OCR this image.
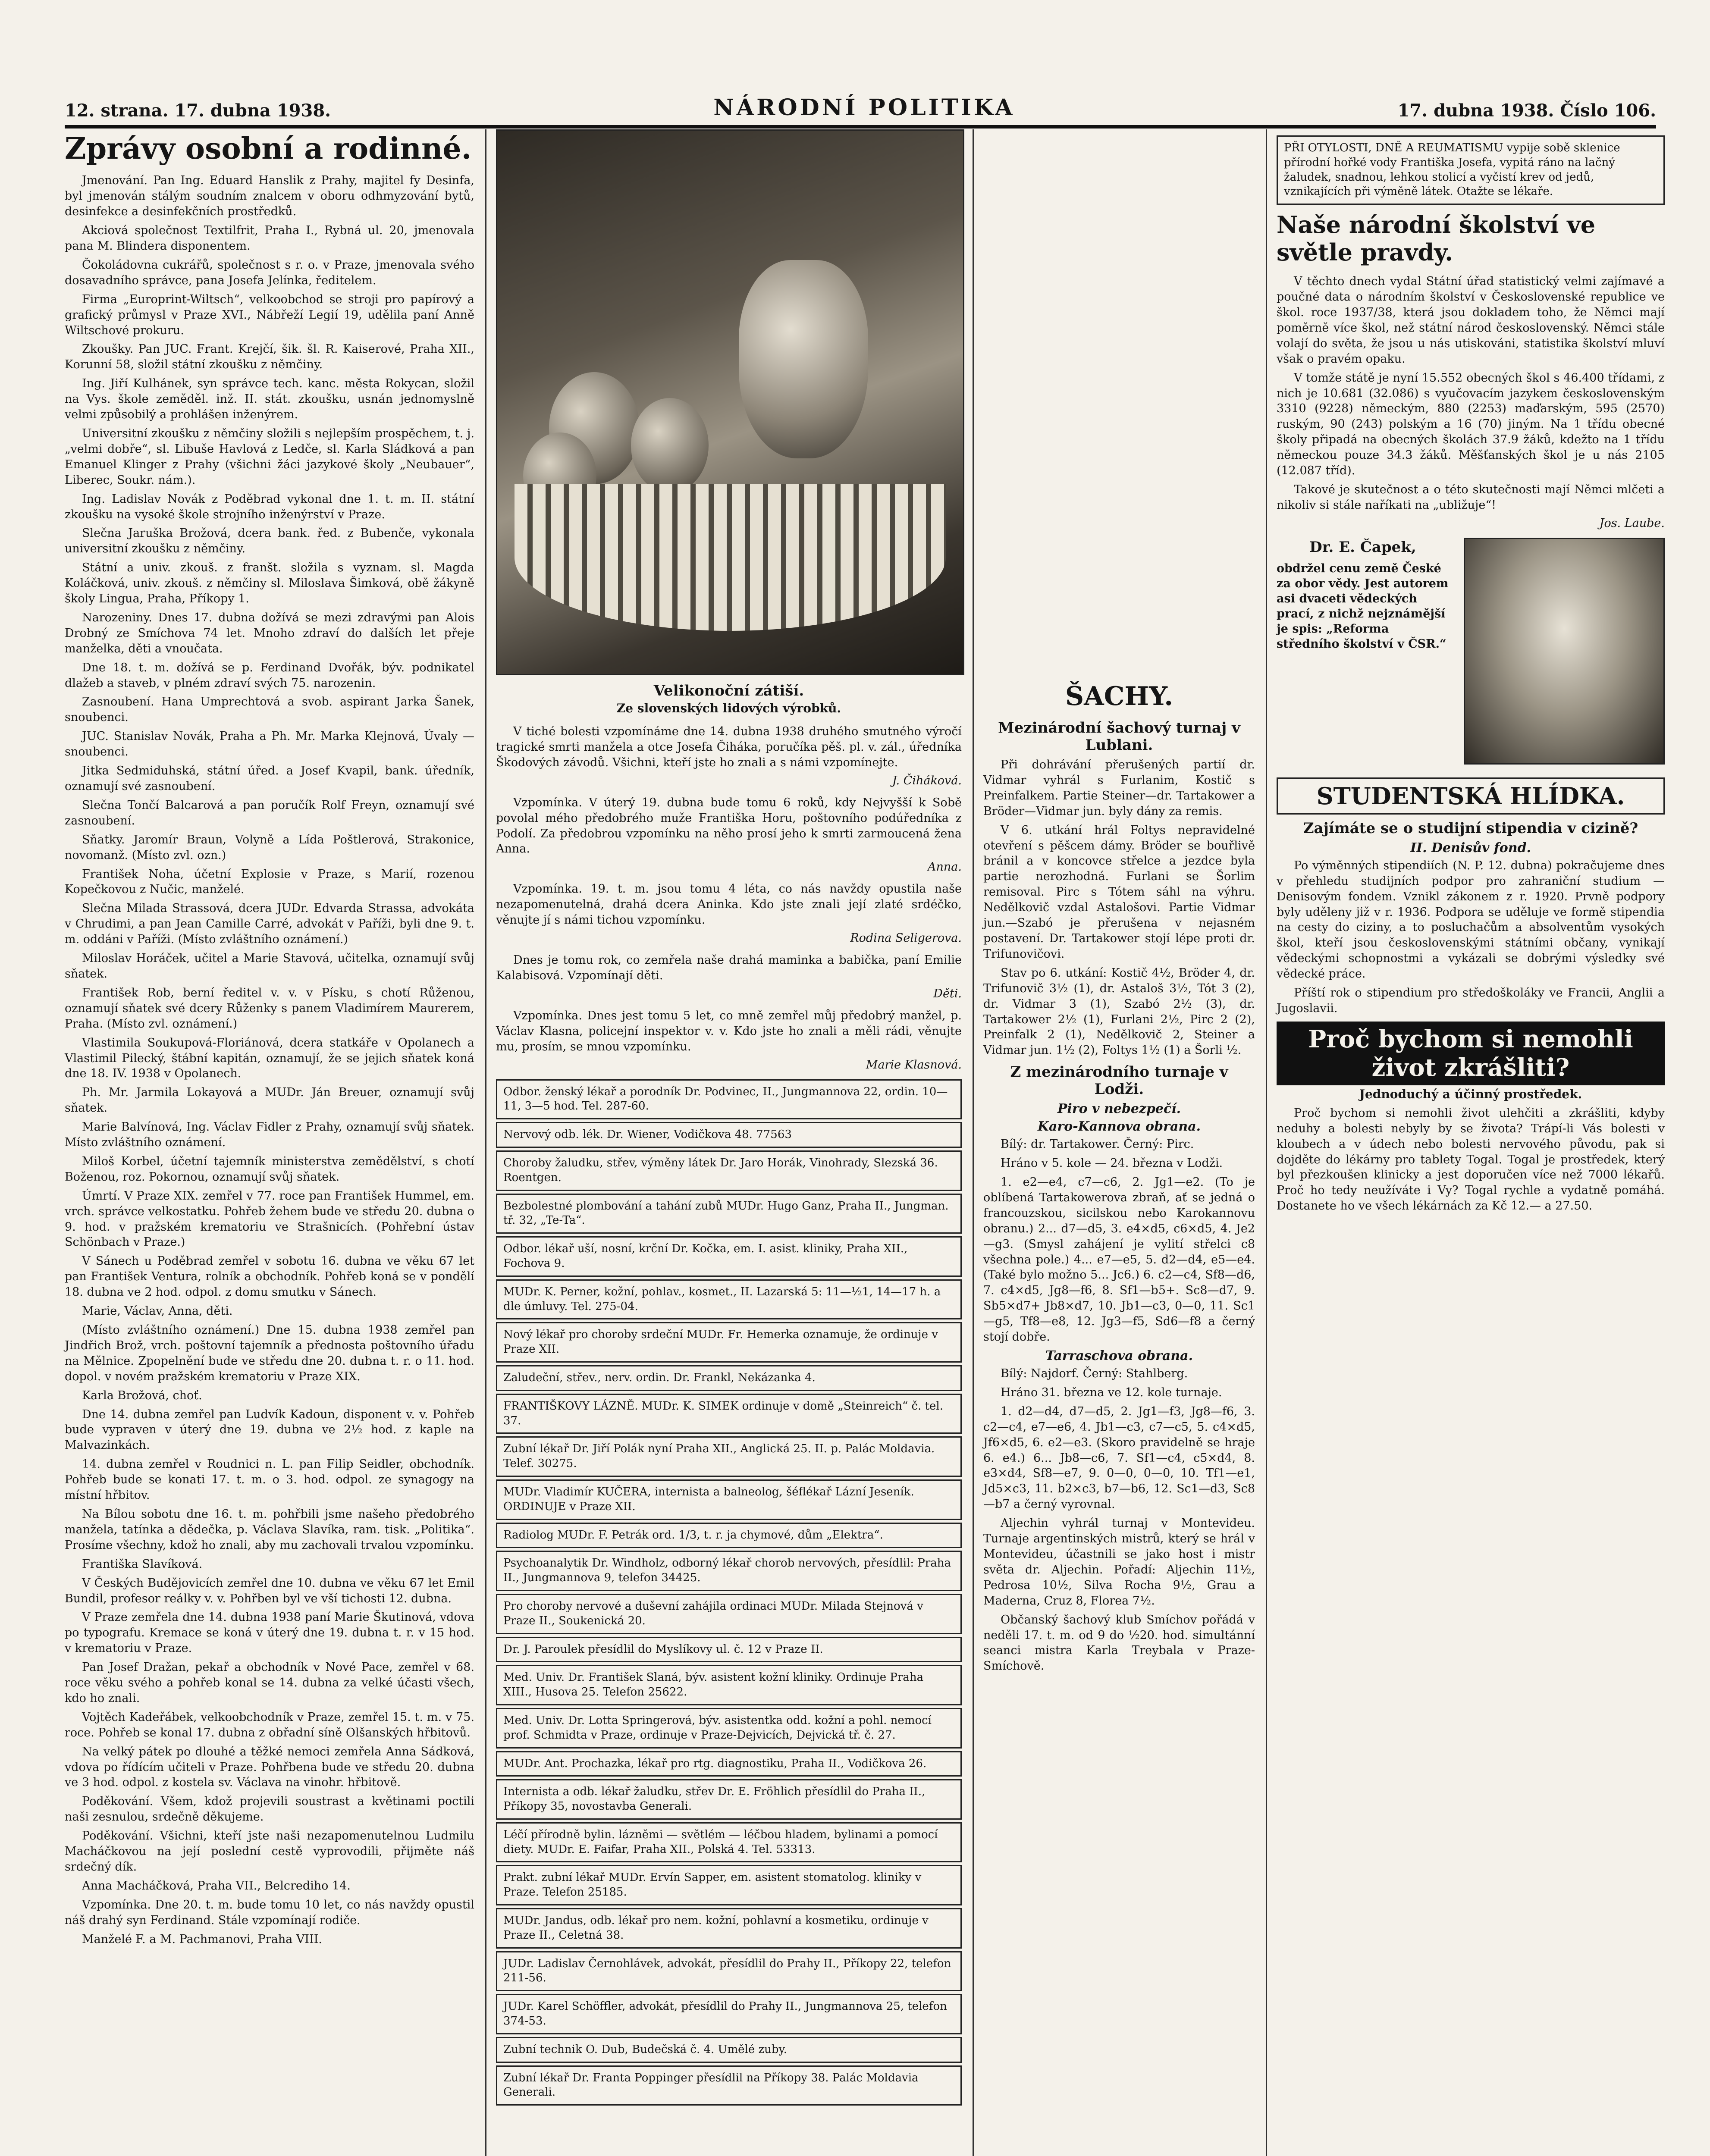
12. strana. 17. dubna 1938.	NÁRODNÍ POLITIKA	17. dubna 1938. Číslo 106.
Zprávy osobní a rodinné.

Jmenování. Pan Ing. Eduard Hanslik z Prahy, majitel fy Desinfa, byl jmenován stálým soudním znalcem v oboru odhmyzování bytů, desinfekce a desinfekčních prostředků.

Akciová společnost Textilfrit, Praha I., Rybná ul. 20, jmenovala pana M. Blindera disponentem.

Čokoládovna cukrářů, společnost s r. o. v Praze, jmenovala svého dosavadního správce, pana Josefa Jelínka, ředitelem.

Firma „Europrint-Wiltsch“, velkoobchod se stroji pro papírový a grafický průmysl v Praze XVI., Nábřeží Legií 19, udělila paní Anně Wiltschové prokuru.

Zkoušky. Pan JUC. Frant. Krejčí, šik. šl. R. Kaiserové, Praha XII., Korunní 58, složil státní zkoušku z němčiny.

Ing. Jiří Kulhánek, syn správce tech. kanc. města Rokycan, složil na Vys. škole zeměděl. inž. II. stát. zkoušku, usnán jednomyslně velmi způsobilý a prohlášen inženýrem.

Universitní zkoušku z němčiny složili s nejlepším prospěchem, t. j. „velmi dobře“, sl. Libuše Havlová z Ledče, sl. Karla Sládková a pan Emanuel Klinger z Prahy (všichni žáci jazykové školy „Neubauer“, Liberec, Soukr. nám.).

Ing. Ladislav Novák z Poděbrad vykonal dne 1. t. m. II. státní zkoušku na vysoké škole strojního inženýrství v Praze.

Slečna Jaruška Brožová, dcera bank. řed. z Bubenče, vykonala universitní zkoušku z němčiny.

Státní a univ. zkouš. z franšt. složila s vyznam. sl. Magda Koláčková, univ. zkouš. z němčiny sl. Miloslava Šimková, obě žákyně školy Lingua, Praha, Příkopy 1.

Narozeniny. Dnes 17. dubna dožívá se mezi zdravými pan Alois Drobný ze Smíchova 74 let. Mnoho zdraví do dalších let přeje manželka, děti a vnoučata.

Dne 18. t. m. dožívá se p. Ferdinand Dvořák, býv. podnikatel dlažeb a staveb, v plném zdraví svých 75. narozenin.

Zasnoubení. Hana Umprechtová a svob. aspirant Jarka Šanek, snoubenci.

JUC. Stanislav Novák, Praha a Ph. Mr. Marka Klejnová, Úvaly — snoubenci.

Jitka Sedmiduhská, státní úřed. a Josef Kvapil, bank. úředník, oznamují své zasnoubení.

Slečna Tončí Balcarová a pan poručík Rolf Freyn, oznamují své zasnoubení.

Sňatky. Jaromír Braun, Volyně a Lída Poštlerová, Strakonice, novomanž. (Místo zvl. ozn.)

František Noha, účetní Explosie v Praze, s Marií, rozenou Kopečkovou z Nučic, manželé.

Slečna Milada Strassová, dcera JUDr. Edvarda Strassa, advokáta v Chrudimi, a pan Jean Camille Carré, advokát v Paříži, byli dne 9. t. m. oddáni v Paříži. (Místo zvláštního oznámení.)

Miloslav Horáček, učitel a Marie Stavová, učitelka, oznamují svůj sňatek.

František Rob, berní ředitel v. v. v Písku, s chotí Růženou, oznamují sňatek své dcery Růženky s panem Vladimírem Maurerem, Praha. (Místo zvl. oznámení.)

Vlastimila Soukupová-Floriánová, dcera statkáře v Opolanech a Vlastimil Pilecký, štábní kapitán, oznamují, že se jejich sňatek koná dne 18. IV. 1938 v Opolanech.

Ph. Mr. Jarmila Lokayová a MUDr. Ján Breuer, oznamují svůj sňatek.

Marie Balvínová, Ing. Václav Fidler z Prahy, oznamují svůj sňatek. Místo zvláštního oznámení.

Miloš Korbel, účetní tajemník ministerstva zemědělství, s chotí Boženou, roz. Pokornou, oznamují svůj sňatek.

Úmrtí. V Praze XIX. zemřel v 77. roce pan František Hummel, em. vrch. správce velkostatku. Pohřeb žehem bude ve středu 20. dubna o 9. hod. v pražském krematoriu ve Strašnicích. (Pohřební ústav Schönbach v Praze.)

V Sánech u Poděbrad zemřel v sobotu 16. dubna ve věku 67 let pan František Ventura, rolník a obchodník. Pohřeb koná se v pondělí 18. dubna ve 2 hod. odpol. z domu smutku v Sánech.

Marie, Václav, Anna, děti.

(Místo zvláštního oznámení.) Dne 15. dubna 1938 zemřel pan Jindřich Brož, vrch. poštovní tajemník a přednosta poštovního úřadu na Mělnice. Zpopelnění bude ve středu dne 20. dubna t. r. o 11. hod. dopol. v novém pražském krematoriu v Praze XIX.

Karla Brožová, choť.

Dne 14. dubna zemřel pan Ludvík Kadoun, disponent v. v. Pohřeb bude vypraven v úterý dne 19. dubna ve 2½ hod. z kaple na Malvazinkách.

14. dubna zemřel v Roudnici n. L. pan Filip Seidler, obchodník. Pohřeb bude se konati 17. t. m. o 3. hod. odpol. ze synagogy na místní hřbitov.

Na Bílou sobotu dne 16. t. m. pohřbili jsme našeho předobrého manžela, tatínka a dědečka, p. Václava Slavíka, ram. tisk. „Politika“. Prosíme všechny, kdož ho znali, aby mu zachovali trvalou vzpomínku.

Františka Slavíková.

V Českých Budějovicích zemřel dne 10. dubna ve věku 67 let Emil Bundil, profesor reálky v. v. Pohřben byl ve vší tichosti 12. dubna.

V Praze zemřela dne 14. dubna 1938 paní Marie Škutinová, vdova po typografu. Kremace se koná v úterý dne 19. dubna t. r. v 15 hod. v krematoriu v Praze.

Pan Josef Dražan, pekař a obchodník v Nové Pace, zemřel v 68. roce věku svého a pohřeb konal se 14. dubna za velké účasti všech, kdo ho znali.

Vojtěch Kadeřábek, velkoobchodník v Praze, zemřel 15. t. m. v 75. roce. Pohřeb se konal 17. dubna z obřadní síně Olšanských hřbitovů.

Na velký pátek po dlouhé a těžké nemoci zemřela Anna Sádková, vdova po řídícím učiteli v Praze. Pohřbena bude ve středu 20. dubna ve 3 hod. odpol. z kostela sv. Václava na vinohr. hřbitově.

Poděkování. Všem, kdož projevili soustrast a květinami poctili naši zesnulou, srdečně děkujeme.

Poděkování. Všichni, kteří jste naši nezapomenutelnou Ludmilu Macháčkovou na její poslední cestě vyprovodili, přijměte náš srdečný dík.

Anna Macháčková, Praha VII., Belcrediho 14.

Vzpomínka. Dne 20. t. m. bude tomu 10 let, co nás navždy opustil náš drahý syn Ferdinand. Stále vzpomínají rodiče.

Manželé F. a M. Pachmanovi, Praha VIII.

Velikonoční zátiší.
Ze slovenských lidových výrobků.

V tiché bolesti vzpomínáme dne 14. dubna 1938 druhého smutného výročí tragické smrti manžela a otce Josefa Čiháka, poručíka pěš. pl. v. zál., úředníka Škodových závodů. Všichni, kteří jste ho znali a s námi vzpomínejte.

J. Čiháková.

Vzpomínka. V úterý 19. dubna bude tomu 6 roků, kdy Nejvyšší k Sobě povolal mého předobrého muže Františka Horu, poštovního podúředníka z Podolí. Za předobrou vzpomínku na něho prosí jeho k smrti zarmoucená žena Anna.

Anna.

Vzpomínka. 19. t. m. jsou tomu 4 léta, co nás navždy opustila naše nezapomenutelná, drahá dcera Aninka. Kdo jste znali její zlaté srdéčko, věnujte jí s námi tichou vzpomínku.

Rodina Seligerova.

Dnes je tomu rok, co zemřela naše drahá maminka a babička, paní Emilie Kalabisová. Vzpomínají děti.

Děti.

Vzpomínka. Dnes jest tomu 5 let, co mně zemřel můj předobrý manžel, p. Václav Klasna, policejní inspektor v. v. Kdo jste ho znali a měli rádi, věnujte mu, prosím, se mnou vzpomínku.

Marie Klasnová.

Odbor. ženský lékař a porodník Dr. Podvinec, II., Jungmannova 22, ordin. 10—11, 3—5 hod. Tel. 287-60.

Nervový odb. lék. Dr. Wiener, Vodičkova 48. 77563

Choroby žaludku, střev, výměny látek Dr. Jaro Horák, Vinohrady, Slezská 36. Roentgen.

Bezbolestné plombování a tahání zubů MUDr. Hugo Ganz, Praha II., Jungman. tř. 32, „Te-Ta“.

Odbor. lékař uší, nosní, krční Dr. Kočka, em. I. asist. kliniky, Praha XII., Fochova 9.

MUDr. K. Perner, kožní, pohlav., kosmet., II. Lazarská 5: 11—½1, 14—17 h. a dle úmluvy. Tel. 275-04.

Nový lékař pro choroby srdeční MUDr. Fr. Hemerka oznamuje, že ordinuje v Praze XII.

Zaludeční, střev., nerv. ordin. Dr. Frankl, Nekázanka 4.

FRANTIŠKOVY LÁZNĚ. MUDr. K. SIMEK ordinuje v domě „Steinreich“ č. tel. 37.

Zubní lékař Dr. Jiří Polák nyní Praha XII., Anglická 25. II. p. Palác Moldavia. Telef. 30275.

MUDr. Vladimír KUČERA, internista a balneolog, šéflékař Lázní Jeseník. ORDINUJE v Praze XII.

Radiolog MUDr. F. Petrák ord. 1/3, t. r. ja chymové, dům „Elektra“.

Psychoanalytik Dr. Windholz, odborný lékař chorob nervových, přesídlil: Praha II., Jungmannova 9, telefon 34425.

Pro choroby nervové a duševní zahájila ordinaci MUDr. Milada Stejnová v Praze II., Soukenická 20.

Dr. J. Paroulek přesídlil do Myslíkovy ul. č. 12 v Praze II.

Med. Univ. Dr. František Slaná, býv. asistent kožní kliniky. Ordinuje Praha XIII., Husova 25. Telefon 25622.

Med. Univ. Dr. Lotta Springerová, býv. asistentka odd. kožní a pohl. nemocí prof. Schmidta v Praze, ordinuje v Praze-Dejvicích, Dejvická tř. č. 27.

MUDr. Ant. Prochazka, lékař pro rtg. diagnostiku, Praha II., Vodičkova 26.

Internista a odb. lékař žaludku, střev Dr. E. Fröhlich přesídlil do Praha II., Příkopy 35, novostavba Generali.

Léčí přírodně bylin. lázněmi — světlém — léčbou hladem, bylinami a pomocí diety. MUDr. E. Faifar, Praha XII., Polská 4. Tel. 53313.

Prakt. zubní lékař MUDr. Ervín Sapper, em. asistent stomatolog. kliniky v Praze. Telefon 25185.

MUDr. Jandus, odb. lékař pro nem. kožní, pohlavní a kosmetiku, ordinuje v Praze II., Celetná 38.

JUDr. Ladislav Černohlávek, advokát, přesídlil do Prahy II., Příkopy 22, telefon 211-56.

JUDr. Karel Schöffler, advokát, přesídlil do Prahy II., Jungmannova 25, telefon 374-53.

Zubní technik O. Dub, Budečská č. 4. Umělé zuby.

Zubní lékař Dr. Franta Poppinger přesídlil na Příkopy 38. Palác Moldavia Generali.

ŠACHY.
Mezinárodní šachový turnaj v Lublani.

Při dohrávání přerušených partií dr. Vidmar vyhrál s Furlanim, Kostič s Preinfalkem. Partie Steiner—dr. Tartakower a Bröder—Vidmar jun. byly dány za remis.

V 6. utkání hrál Foltys nepravidelné otevření s pěšcem dámy. Bröder se bouřlivě bránil a v koncovce střelce a jezdce byla partie nerozhodná. Furlani se Šorlim remisoval. Pirc s Tótem sáhl na výhru. Nedělkovič vzdal Astalošovi. Partie Vidmar jun.—Szabó je přerušena v nejasném postavení. Dr. Tartakower stojí lépe proti dr. Trifunovičovi.

Stav po 6. utkání: Kostič 4½, Bröder 4, dr. Trifunovič 3½ (1), dr. Astaloš 3½, Tót 3 (2), dr. Vidmar 3 (1), Szabó 2½ (3), dr. Tartakower 2½ (1), Furlani 2½, Pirc 2 (2), Preinfalk 2 (1), Nedělkovič 2, Steiner a Vidmar jun. 1½ (2), Foltys 1½ (1) a Šorli ½.

Z mezinárodního turnaje v Lodži.
Piro v nebezpečí.
Karo-Kannova obrana.

Bílý: dr. Tartakower. Černý: Pirc.

Hráno v 5. kole — 24. března v Lodži.

1. e2—e4, c7—c6, 2. Jg1—e2. (To je oblíbená Tartakowerova zbraň, ať se jedná o francouzskou, sicilskou nebo Karokannovu obranu.) 2... d7—d5, 3. e4×d5, c6×d5, 4. Je2—g3. (Smysl zahájení je vylití střelci c8 všechna pole.) 4... e7—e5, 5. d2—d4, e5—e4. (Také bylo možno 5... Jc6.) 6. c2—c4, Sf8—d6, 7. c4×d5, Jg8—f6, 8. Sf1—b5+. Sc8—d7, 9. Sb5×d7+ Jb8×d7, 10. Jb1—c3, 0—0, 11. Sc1—g5, Tf8—e8, 12. Jg3—f5, Sd6—f8 a černý stojí dobře.

Tarraschova obrana.

Bílý: Najdorf. Černý: Stahlberg.

Hráno 31. března ve 12. kole turnaje.

1. d2—d4, d7—d5, 2. Jg1—f3, Jg8—f6, 3. c2—c4, e7—e6, 4. Jb1—c3, c7—c5, 5. c4×d5, Jf6×d5, 6. e2—e3. (Skoro pravidelně se hraje 6. e4.) 6... Jb8—c6, 7. Sf1—c4, c5×d4, 8. e3×d4, Sf8—e7, 9. 0—0, 0—0, 10. Tf1—e1, Jd5×c3, 11. b2×c3, b7—b6, 12. Sc1—d3, Sc8—b7 a černý vyrovnal.

Aljechin vyhrál turnaj v Montevideu. Turnaje argentinských mistrů, který se hrál v Montevideu, účastnili se jako host i mistr světa dr. Aljechin. Pořadí: Aljechin 11½, Pedrosa 10½, Silva Rocha 9½, Grau a Maderna, Cruz 8, Florea 7½.

Občanský šachový klub Smíchov pořádá v neděli 17. t. m. od 9 do ½20. hod. simultánní seanci mistra Karla Treybala v Praze-Smíchově.

PŘI OTYLOSTI, DNĚ A REUMATISMU vypije sobě sklenice přírodní hořké vody Františka Josefa, vypitá ráno na lačný žaludek, snadnou, lehkou stolicí a vyčistí krev od jedů, vznikajících při výměně látek. Otažte se lékaře.

Naše národní školství ve světle pravdy.

V těchto dnech vydal Státní úřad statistický velmi zajímavé a poučné data o národním školství v Československé republice ve škol. roce 1937/38, která jsou dokladem toho, že Němci mají poměrně více škol, než státní národ československý. Němci stále volají do světa, že jsou u nás utiskováni, statistika školství mluví však o pravém opaku.

V tomže státě je nyní 15.552 obecných škol s 46.400 třídami, z nich je 10.681 (32.086) s vyučovacím jazykem československým 3310 (9228) německým, 880 (2253) maďarským, 595 (2570) ruským, 90 (243) polským a 16 (70) jiným. Na 1 třídu obecné školy připadá na obecných školách 37.9 žáků, kdežto na 1 třídu německou pouze 34.3 žáků. Měšťanských škol je u nás 2105 (12.087 tříd).

Takové je skutečnost a o této skutečnosti mají Němci mlčeti a nikoliv si stále naříkati na „ubližuje“!

Jos. Laube.

Dr. E. Čapek,

obdržel cenu země České za obor vědy. Jest autorem asi dvaceti vědeckých prací, z nichž nejznámější je spis: „Reforma středního školství v ČSR.“

STUDENTSKÁ HLÍDKA.
Zajímáte se o studijní stipendia v cizině?
II. Denisův fond.

Po výměnných stipendiích (N. P. 12. dubna) pokračujeme dnes v přehledu studijních podpor pro zahraniční studium — Denisovým fondem. Vznikl zákonem z r. 1920. Prvně podpory byly uděleny již v r. 1936. Podpora se uděluje ve formě stipendia na cesty do ciziny, a to posluchačům a absolventům vysokých škol, kteří jsou československými státními občany, vynikají vědeckými schopnostmi a vykázali se dobrými výsledky své vědecké práce.

Příští rok o stipendium pro středoškoláky ve Francii, Anglii a Jugoslavii.

Proč bychom si nemohli život zkrášliti?
Jednoduchý a účinný prostředek.

Proč bychom si nemohli život ulehčiti a zkrášliti, kdyby neduhy a bolesti nebyly by se života? Trápí-li Vás bolesti v kloubech a v údech nebo bolesti nervového původu, pak si dojděte do lékárny pro tablety Togal. Togal je prostředek, který byl přezkoušen klinicky a jest doporučen více než 7000 lékařů. Proč ho tedy neužíváte i Vy? Togal rychle a vydatně pomáhá. Dostanete ho ve všech lékárnách za Kč 12.— a 27.50.
